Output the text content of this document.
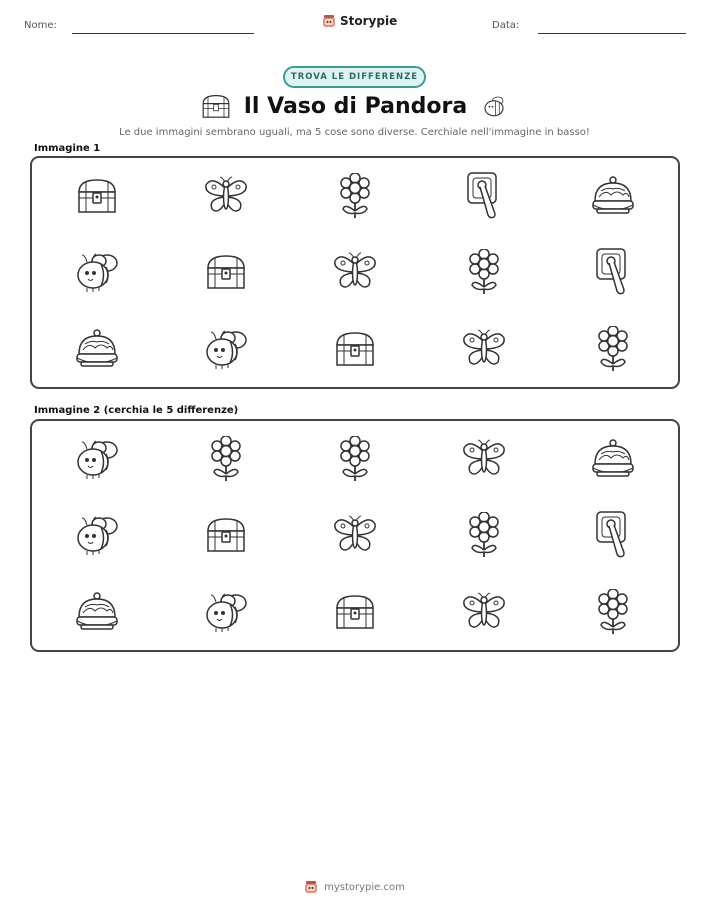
Nome:	Storypie	Data:
TROVA LE DIFFERENZE
Il Vaso di Pandora
Le due immagini sembrano uguali, ma 5 cose sono diverse. Cerchiale nell'immagine in basso!
Immagine 1
Immagine 2 (cerchia le 5 differenze)
mystorypie.com
